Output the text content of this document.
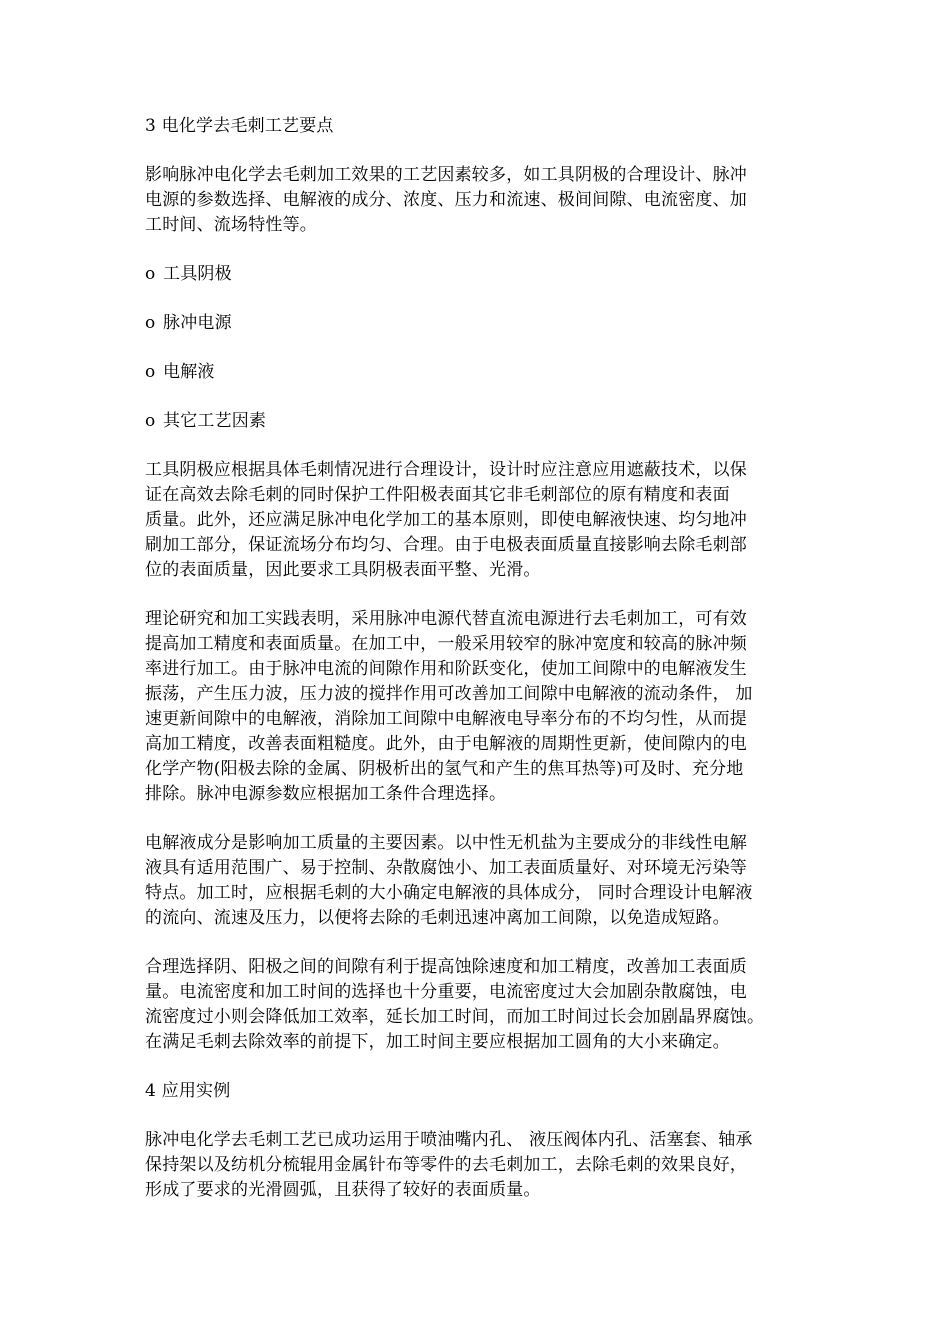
3 电化学去毛刺工艺要点

影响脉冲电化学去毛刺加工效果的工艺因素较多，如工具阴极的合理设计、脉冲
电源的参数选择、电解液的成分、浓度、压力和流速、极间间隙、电流密度、加
工时间、流场特性等。

o 工具阴极
o 脉冲电源
o 电解液
o 其它工艺因素

工具阴极应根据具体毛刺情况进行合理设计，设计时应注意应用遮蔽技术，以保
证在高效去除毛刺的同时保护工件阳极表面其它非毛刺部位的原有精度和表面
质量。此外，还应满足脉冲电化学加工的基本原则，即使电解液快速、均匀地冲
刷加工部分，保证流场分布均匀、合理。由于电极表面质量直接影响去除毛刺部
位的表面质量，因此要求工具阴极表面平整、光滑。

理论研究和加工实践表明，采用脉冲电源代替直流电源进行去毛刺加工，可有效
提高加工精度和表面质量。在加工中，一般采用较窄的脉冲宽度和较高的脉冲频
率进行加工。由于脉冲电流的间隙作用和阶跃变化，使加工间隙中的电解液发生
振荡，产生压力波，压力波的搅拌作用可改善加工间隙中电解液的流动条件， 加
速更新间隙中的电解液，消除加工间隙中电解液电导率分布的不均匀性，从而提
高加工精度，改善表面粗糙度。此外，由于电解液的周期性更新，使间隙内的电
化学产物(阳极去除的金属、阴极析出的氢气和产生的焦耳热等)可及时、充分地
排除。脉冲电源参数应根据加工条件合理选择。

电解液成分是影响加工质量的主要因素。以中性无机盐为主要成分的非线性电解
液具有适用范围广、易于控制、杂散腐蚀小、加工表面质量好、对环境无污染等
特点。加工时，应根据毛刺的大小确定电解液的具体成分， 同时合理设计电解液
的流向、流速及压力，以便将去除的毛刺迅速冲离加工间隙，以免造成短路。

合理选择阴、阳极之间的间隙有利于提高蚀除速度和加工精度，改善加工表面质
量。电流密度和加工时间的选择也十分重要，电流密度过大会加剧杂散腐蚀，电
流密度过小则会降低加工效率，延长加工时间，而加工时间过长会加剧晶界腐蚀。
在满足毛刺去除效率的前提下，加工时间主要应根据加工圆角的大小来确定。

4 应用实例

脉冲电化学去毛刺工艺已成功运用于喷油嘴内孔、 液压阀体内孔、活塞套、轴承
保持架以及纺机分梳辊用金属针布等零件的去毛刺加工，去除毛刺的效果良好，
形成了要求的光滑圆弧，且获得了较好的表面质量。
